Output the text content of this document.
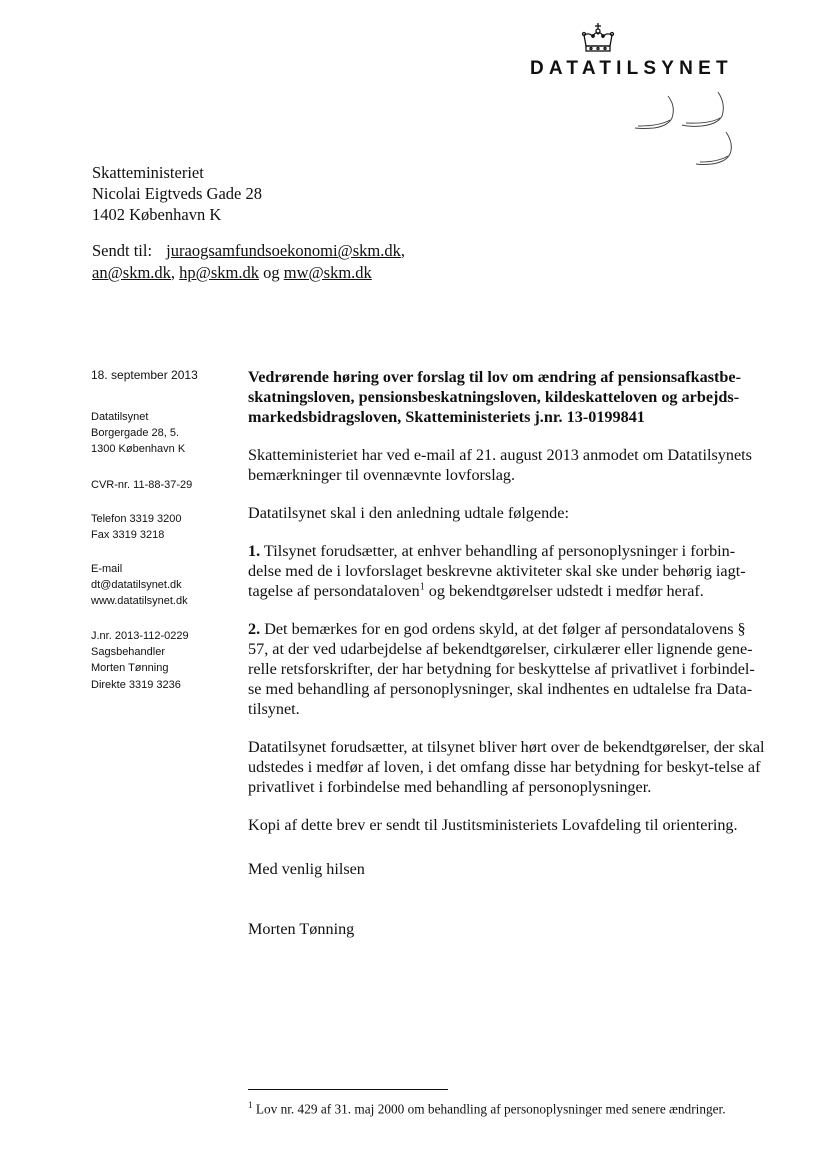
DATATILSYNET
Skatteministeriet
Nicolai Eigtveds Gade 28
1402 København K
Sendt til: juraogsamfundsoekonomi@skm.dk,
an@skm.dk, hp@skm.dk og mw@skm.dk
18. september 2013
Datatilsynet
Borgergade 28, 5.
1300 København K
CVR-nr. 11-88-37-29
Telefon 3319 3200
Fax 3319 3218
E-mail
dt@datatilsynet.dk
www.datatilsynet.dk
J.nr. 2013-112-0229
Sagsbehandler
Morten Tønning
Direkte 3319 3236

Vedrørende høring over forslag til lov om ændring af pensionsafkastbe-skatningsloven, pensionsbeskatningsloven, kildeskatteloven og arbejds-markedsbidragsloven, Skatteministeriets j.nr. 13-0199841

Skatteministeriet har ved e-mail af 21. august 2013 anmodet om Datatilsynets bemærkninger til ovennævnte lovforslag.

Datatilsynet skal i den anledning udtale følgende:

1. Tilsynet forudsætter, at enhver behandling af personoplysninger i forbin-delse med de i lovforslaget beskrevne aktiviteter skal ske under behørig iagt-tagelse af persondataloven$^1$ og bekendtgørelser udstedt i medfør heraf.

2. Det bemærkes for en god ordens skyld, at det følger af persondatalovens § 57, at der ved udarbejdelse af bekendtgørelser, cirkulærer eller lignende gene-relle retsforskrifter, der har betydning for beskyttelse af privatlivet i forbindel-se med behandling af personoplysninger, skal indhentes en udtalelse fra Data-tilsynet.

Datatilsynet forudsætter, at tilsynet bliver hørt over de bekendtgørelser, der skal udstedes i medfør af loven, i det omfang disse har betydning for beskyt-telse af privatlivet i forbindelse med behandling af personoplysninger.

Kopi af dette brev er sendt til Justitsministeriets Lovafdeling til orientering.

Med venlig hilsen

Morten Tønning

$^1$ Lov nr. 429 af 31. maj 2000 om behandling af personoplysninger med senere ændringer.
